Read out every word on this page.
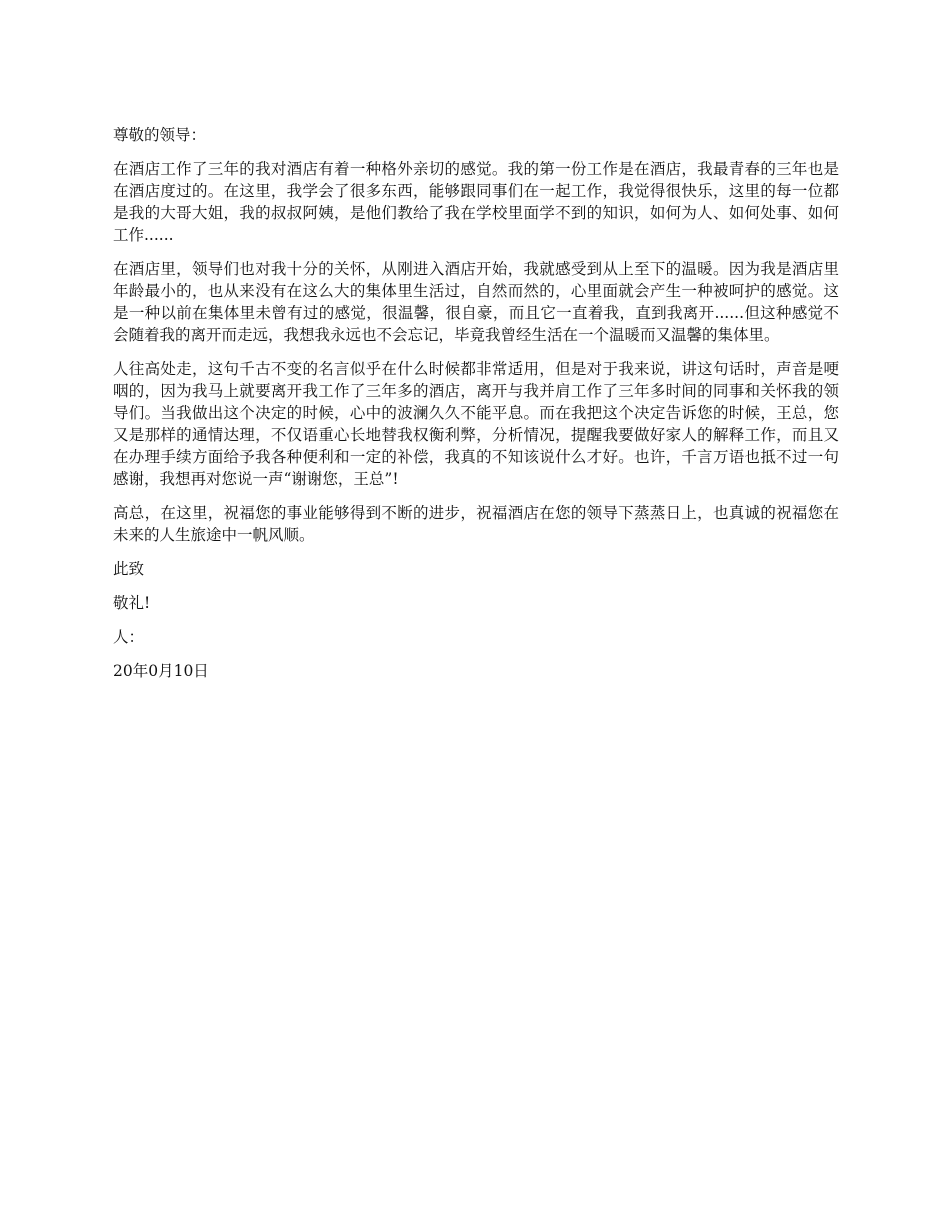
尊敬的领导：

在酒店工作了三年的我对酒店有着一种格外亲切的感觉。我的第一份工作是在酒店，我最青春的三年也是在酒店度过的。在这里，我学会了很多东西，能够跟同事们在一起工作，我觉得很快乐，这里的每一位都是我的大哥大姐，我的叔叔阿姨，是他们教给了我在学校里面学不到的知识，如何为人、如何处事、如何工作......

在酒店里，领导们也对我十分的关怀，从刚进入酒店开始，我就感受到从上至下的温暖。因为我是酒店里年龄最小的，也从来没有在这么大的集体里生活过，自然而然的，心里面就会产生一种被呵护的感觉。这是一种以前在集体里未曾有过的感觉，很温馨，很自豪，而且它一直着我，直到我离开......但这种感觉不会随着我的离开而走远，我想我永远也不会忘记，毕竟我曾经生活在一个温暖而又温馨的集体里。

人往高处走，这句千古不变的名言似乎在什么时候都非常适用，但是对于我来说，讲这句话时，声音是哽咽的，因为我马上就要离开我工作了三年多的酒店，离开与我并肩工作了三年多时间的同事和关怀我的领导们。当我做出这个决定的时候，心中的波澜久久不能平息。而在我把这个决定告诉您的时候，王总，您又是那样的通情达理，不仅语重心长地替我权衡利弊，分析情况，提醒我要做好家人的解释工作，而且又在办理手续方面给予我各种便利和一定的补偿，我真的不知该说什么才好。也许，千言万语也抵不过一句感谢，我想再对您说一声“谢谢您，王总”!

高总，在这里，祝福您的事业能够得到不断的进步，祝福酒店在您的领导下蒸蒸日上，也真诚的祝福您在未来的人生旅途中一帆风顺。

此致

敬礼!

人：

20年0月10日
